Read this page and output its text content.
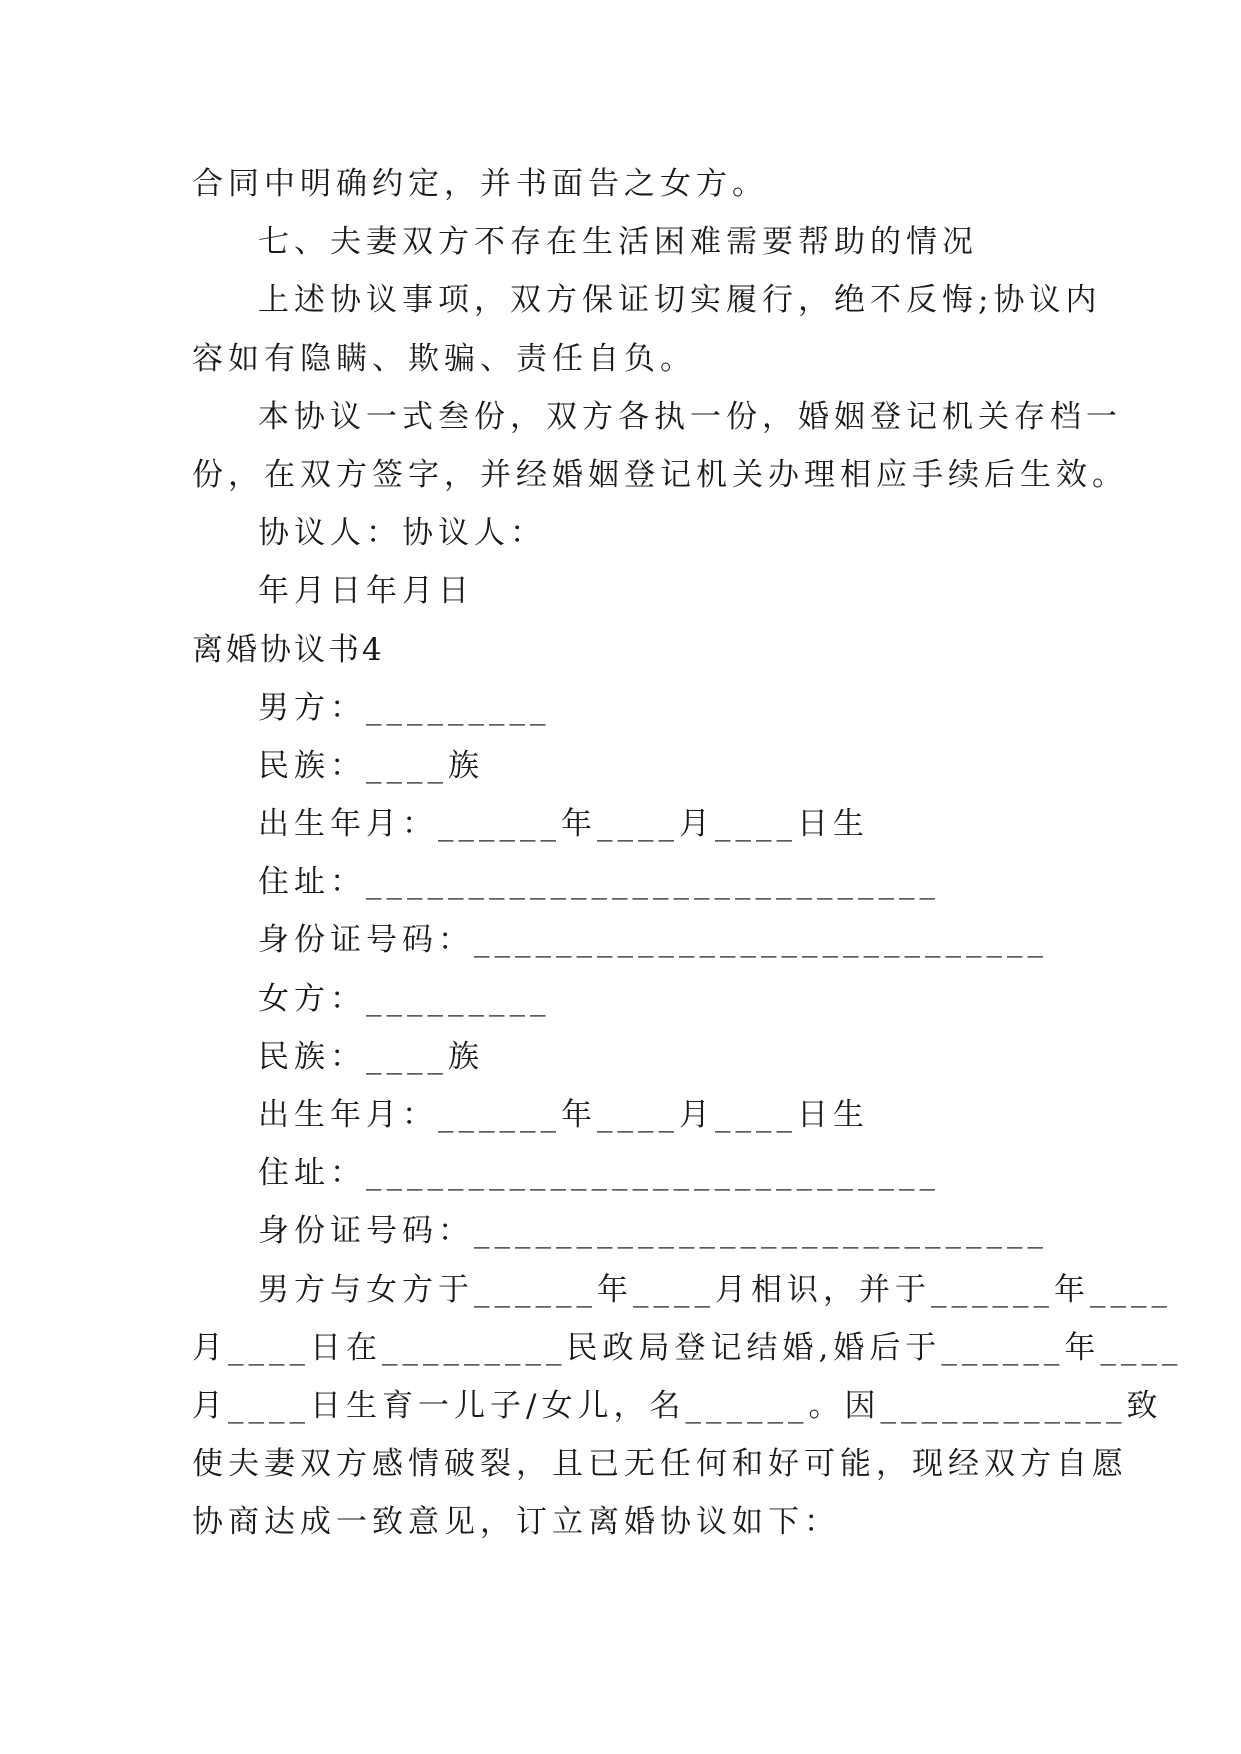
合同中明确约定，并书面告之女方。
七、夫妻双方不存在生活困难需要帮助的情况
上述协议事项，双方保证切实履行，绝不反悔;协议内
容如有隐瞒、欺骗、责任自负。
本协议一式叁份，双方各执一份，婚姻登记机关存档一
份，在双方签字，并经婚姻登记机关办理相应手续后生效。
协议人：协议人：
年月日年月日
离婚协议书4
男方：_________
民族：____族
出生年月：______年____月____日生
住址：____________________________
身份证号码：____________________________
女方：_________
民族：____族
出生年月：______年____月____日生
住址：____________________________
身份证号码：____________________________
男方与女方于______年____月相识，并于______年____
月____日在_________民政局登记结婚,婚后于______年____
月____日生育一儿子/女儿，名______。因____________致
使夫妻双方感情破裂，且已无任何和好可能，现经双方自愿
协商达成一致意见，订立离婚协议如下：
